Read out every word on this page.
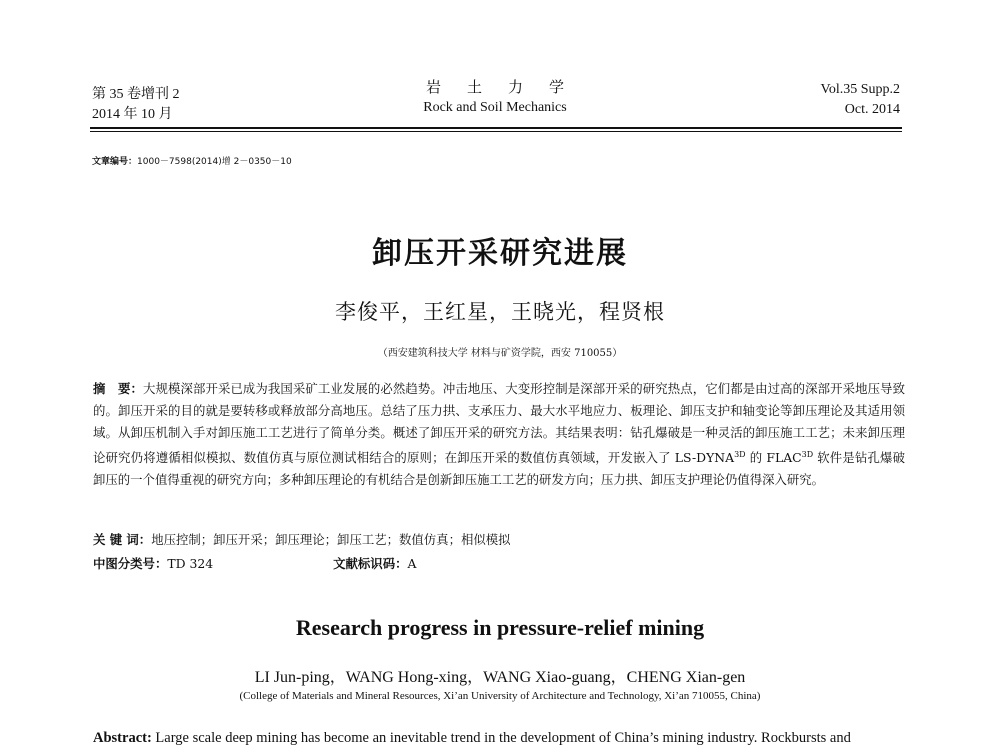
第 35 卷增刊 2
2014 年 10 月
岩土力学
Rock and Soil Mechanics
Vol.35 Supp.2
Oct. 2014
文章编号：1000－7598(2014)增 2－0350－10
卸压开采研究进展
李俊平，王红星，王晓光，程贤根
（西安建筑科技大学 材料与矿资学院，西安 710055）
摘　要：大规模深部开采已成为我国采矿工业发展的必然趋势。冲击地压、大变形控制是深部开采的研究热点，它们都是由过高的深部开采地压导致的。卸压开采的目的就是要转移或释放部分高地压。总结了压力拱、支承压力、最大水平地应力、板理论、卸压支护和轴变论等卸压理论及其适用领域。从卸压机制入手对卸压施工工艺进行了简单分类。概述了卸压开采的研究方法。其结果表明：钻孔爆破是一种灵活的卸压施工工艺；未来卸压理论研究仍将遵循相似模拟、数值仿真与原位测试相结合的原则；在卸压开采的数值仿真领域，开发嵌入了 $LS-DYNA^{3D}$ 的 $FLAC^{3D}$ 软件是钻孔爆破卸压的一个值得重视的研究方向；多种卸压理论的有机结合是创新卸压施工工艺的研发方向；压力拱、卸压支护理论仍值得深入研究。
关 键 词：地压控制；卸压开采；卸压理论；卸压工艺；数值仿真；相似模拟
中图分类号：TD 324	文献标识码：A
Research progress in pressure-relief mining
LI Jun-ping，WANG Hong-xing，WANG Xiao-guang，CHENG Xian-gen
(College of Materials and Mineral Resources, Xi’an University of Architecture and Technology, Xi’an 710055, China)
Abstract: Large scale deep mining has become an inevitable trend in the development of China’s mining industry. Rockbursts and
